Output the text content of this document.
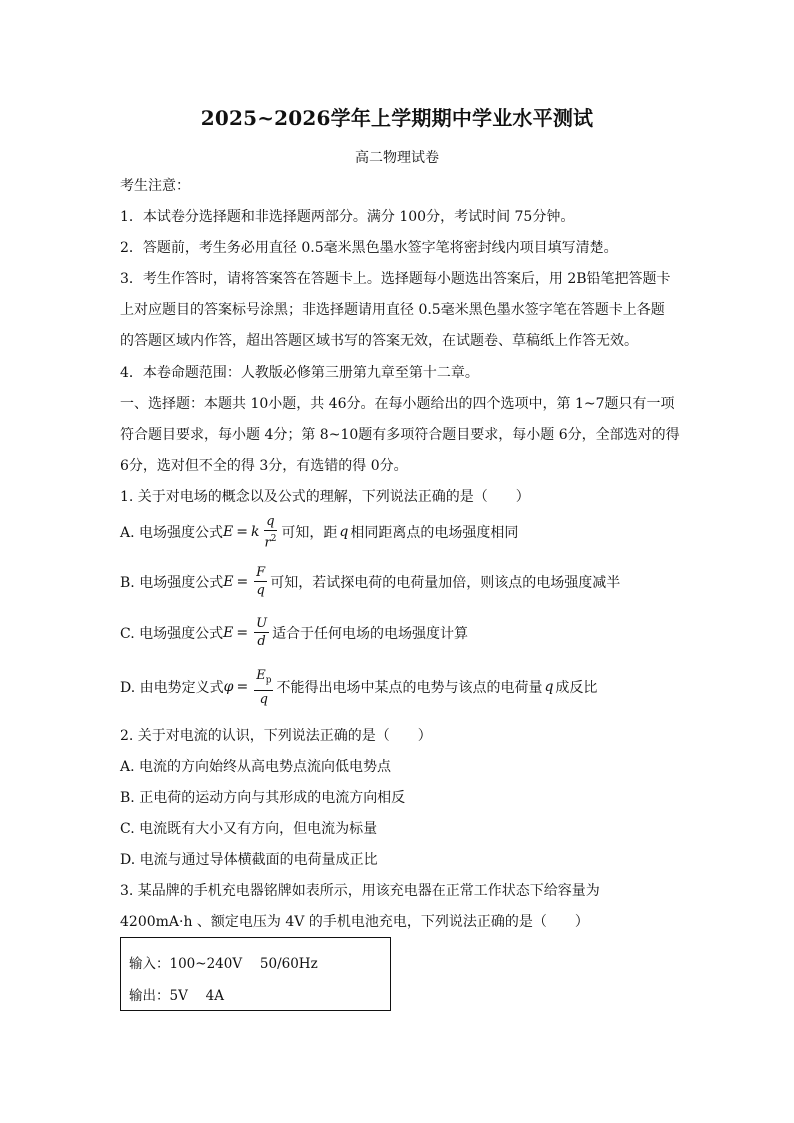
2025~2026学年上学期期中学业水平测试
高二物理试卷
考生注意：
1．本试卷分选择题和非选择题两部分。满分 100分，考试时间 75分钟。
2．答题前，考生务必用直径 0.5毫米黑色墨水签字笔将密封线内项目填写清楚。
3．考生作答时，请将答案答在答题卡上。选择题每小题选出答案后，用 2B铅笔把答题卡
上对应题目的答案标号涂黑；非选择题请用直径 0.5毫米黑色墨水签字笔在答题卡上各题
的答题区域内作答，超出答题区域书写的答案无效，在试题卷、草稿纸上作答无效。
4．本卷命题范围：人教版必修第三册第九章至第十二章。
一、选择题：本题共 10小题，共 46分。在每小题给出的四个选项中，第 1~7题只有一项
符合题目要求，每小题 4分；第 8~10题有多项符合题目要求，每小题 6分，全部选对的得
6分，选对但不全的得 3分，有选错的得 0分。
1. 关于对电场的概念以及公式的理解，下列说法正确的是（　　）
A. 电场强度公式 E = k $\frac{q}{r^2}$ 可知，距 q 相同距离点的电场强度相同
B. 电场强度公式 $E = \frac{F}{q}$ 可知，若试探电荷的电荷量加倍，则该点的电场强度减半
C. 电场强度公式 $E = \frac{U}{d}$ 适合于任何电场的电场强度计算
D. 由电势定义式 $\varphi = \frac{E_p}{q}$ 不能得出电场中某点的电势与该点的电荷量 q 成反比
2. 关于对电流的认识，下列说法正确的是（　　）
A. 电流的方向始终从高电势点流向低电势点
B. 正电荷的运动方向与其形成的电流方向相反
C. 电流既有大小又有方向，但电流为标量
D. 电流与通过导体横截面的电荷量成正比
3. 某品牌的手机充电器铭牌如表所示，用该充电器在正常工作状态下给容量为
4200mA·h 、额定电压为 4V 的手机电池充电，下列说法正确的是（　　）
输入：100~240V　 50/60Hz
输出：5V　 4A
